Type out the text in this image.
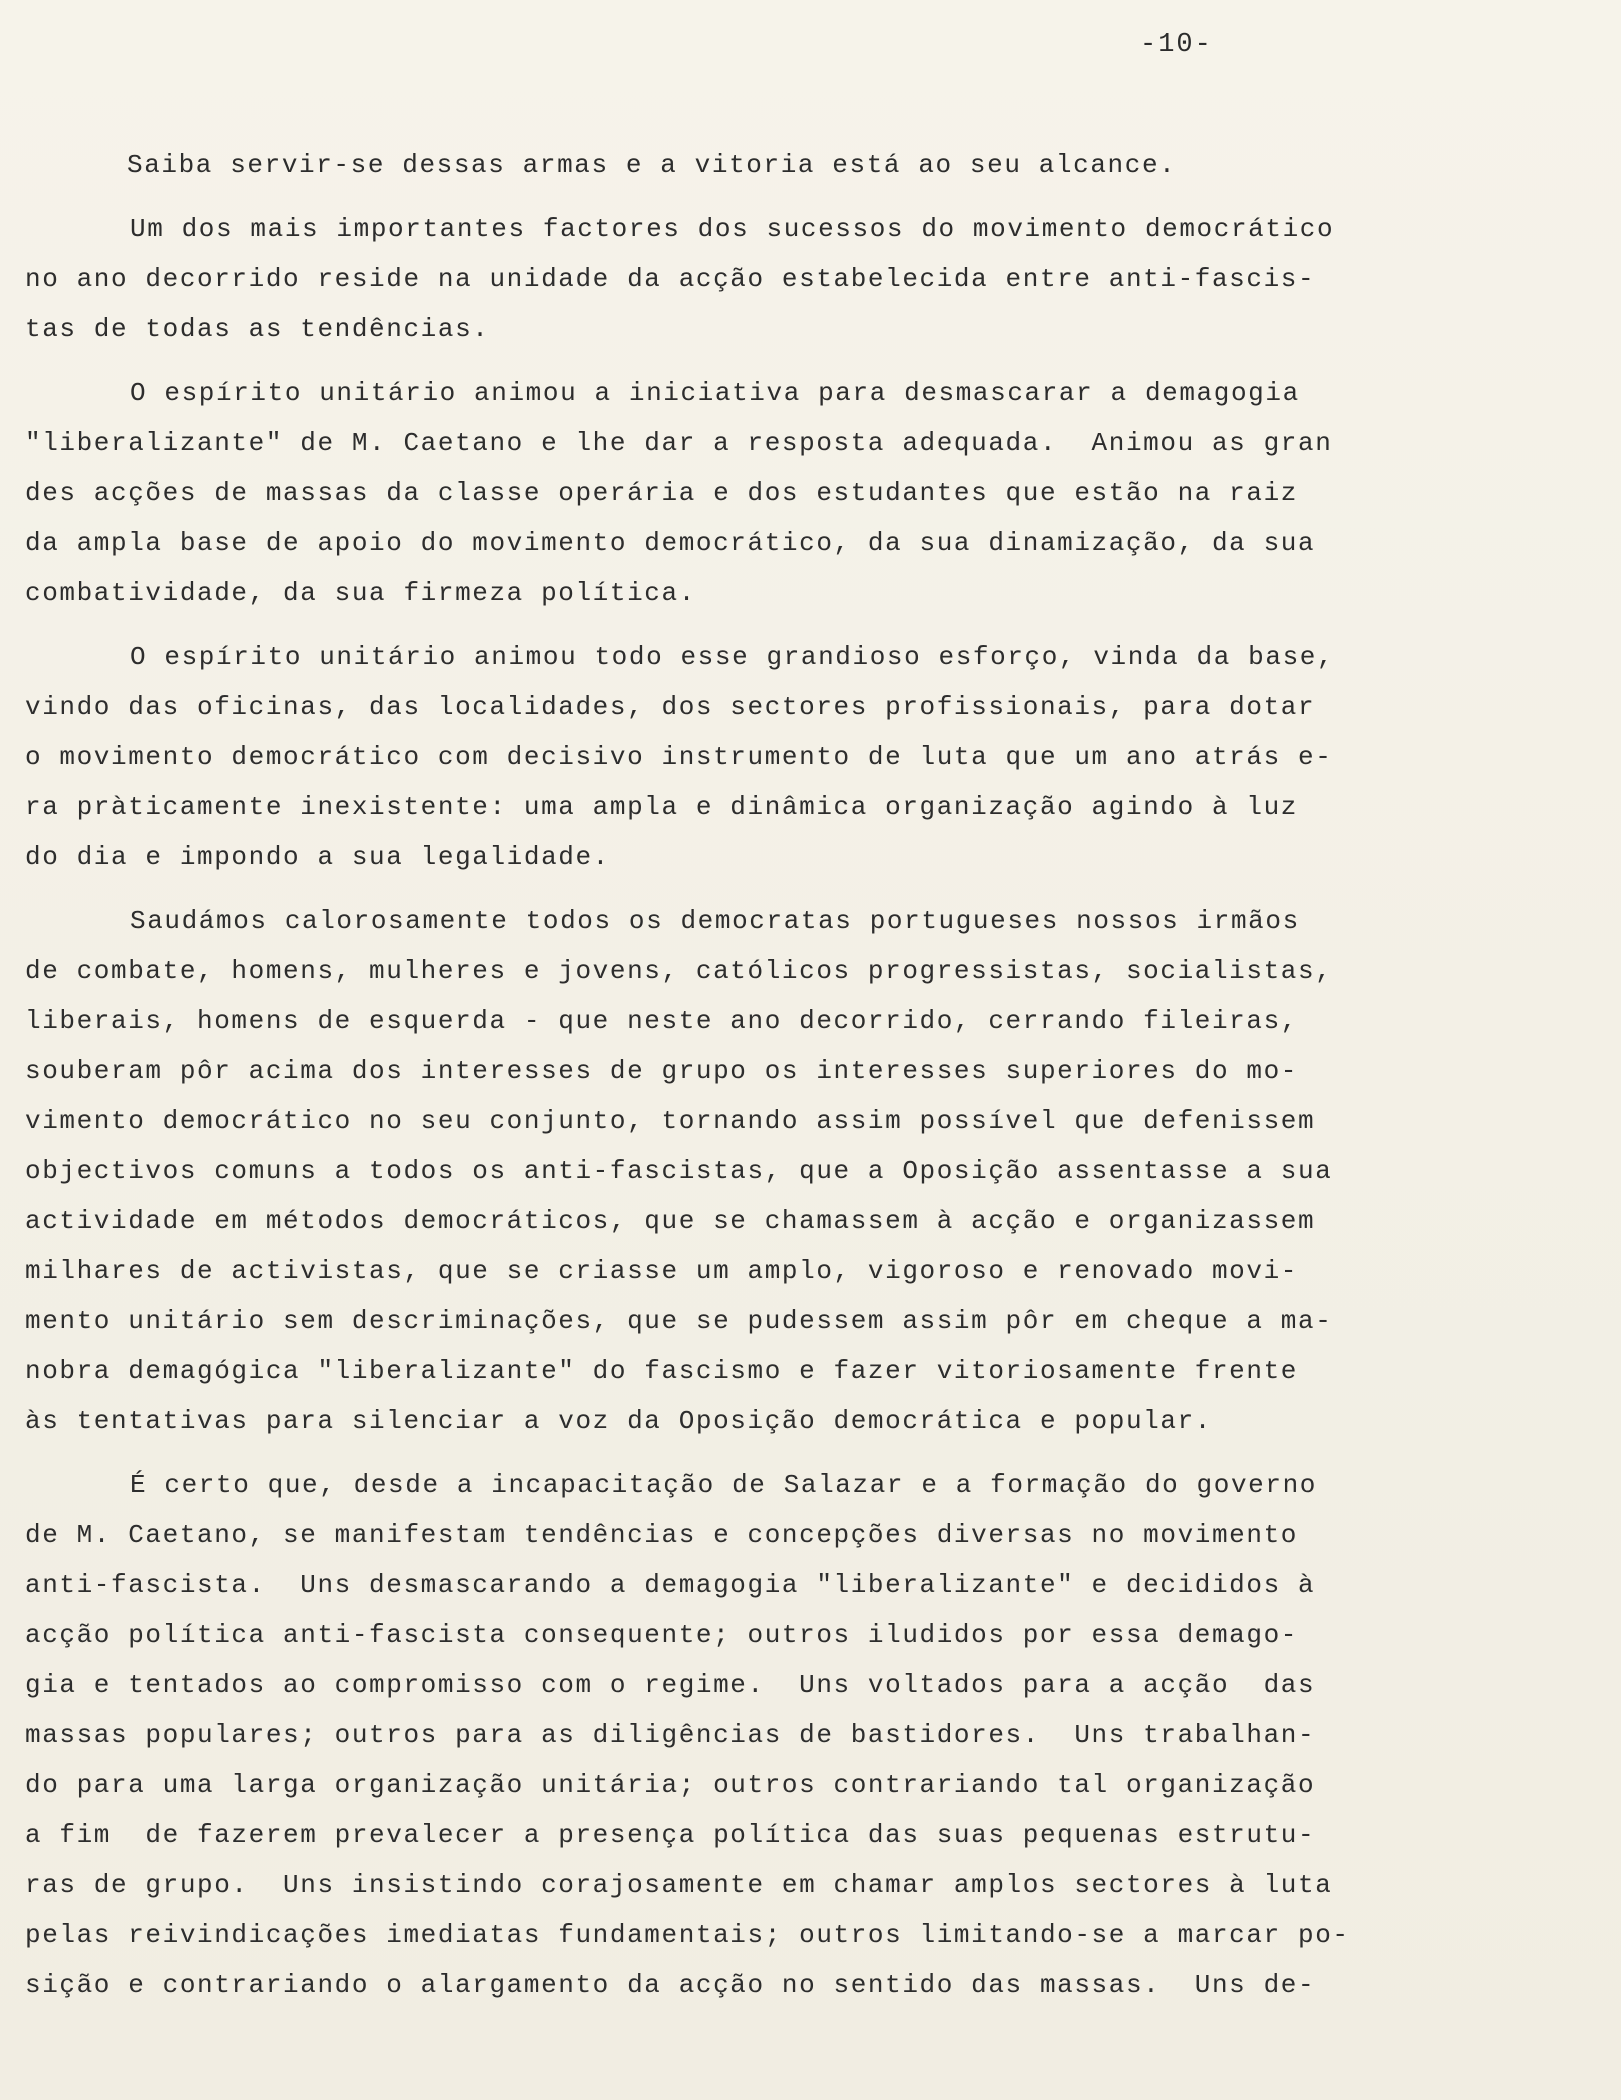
-10-
Saiba servir-se dessas armas e a vitoria está ao seu alcance.
Um dos mais importantes factores dos sucessos do movimento democrático
no ano decorrido reside na unidade da acção estabelecida entre anti-fascis-
tas de todas as tendências.
O espírito unitário animou a iniciativa para desmascarar a demagogia
"liberalizante" de M. Caetano e lhe dar a resposta adequada.  Animou as gran
des acções de massas da classe operária e dos estudantes que estão na raiz
da ampla base de apoio do movimento democrático, da sua dinamização, da sua
combatividade, da sua firmeza política.
O espírito unitário animou todo esse grandioso esforço, vinda da base,
vindo das oficinas, das localidades, dos sectores profissionais, para dotar
o movimento democrático com decisivo instrumento de luta que um ano atrás e-
ra pràticamente inexistente: uma ampla e dinâmica organização agindo à luz
do dia e impondo a sua legalidade.
Saudámos calorosamente todos os democratas portugueses nossos irmãos
de combate, homens, mulheres e jovens, católicos progressistas, socialistas,
liberais, homens de esquerda - que neste ano decorrido, cerrando fileiras,
souberam pôr acima dos interesses de grupo os interesses superiores do mo-
vimento democrático no seu conjunto, tornando assim possível que defenissem
objectivos comuns a todos os anti-fascistas, que a Oposição assentasse a sua
actividade em métodos democráticos, que se chamassem à acção e organizassem
milhares de activistas, que se criasse um amplo, vigoroso e renovado movi-
mento unitário sem descriminações, que se pudessem assim pôr em cheque a ma-
nobra demagógica "liberalizante" do fascismo e fazer vitoriosamente frente
às tentativas para silenciar a voz da Oposição democrática e popular.
É certo que, desde a incapacitação de Salazar e a formação do governo
de M. Caetano, se manifestam tendências e concepções diversas no movimento
anti-fascista.  Uns desmascarando a demagogia "liberalizante" e decididos à
acção política anti-fascista consequente; outros iludidos por essa demago-
gia e tentados ao compromisso com o regime.  Uns voltados para a acção  das
massas populares; outros para as diligências de bastidores.  Uns trabalhan-
do para uma larga organização unitária; outros contrariando tal organização
a fim  de fazerem prevalecer a presença política das suas pequenas estrutu-
ras de grupo.  Uns insistindo corajosamente em chamar amplos sectores à luta
pelas reivindicações imediatas fundamentais; outros limitando-se a marcar po-
sição e contrariando o alargamento da acção no sentido das massas.  Uns de-
